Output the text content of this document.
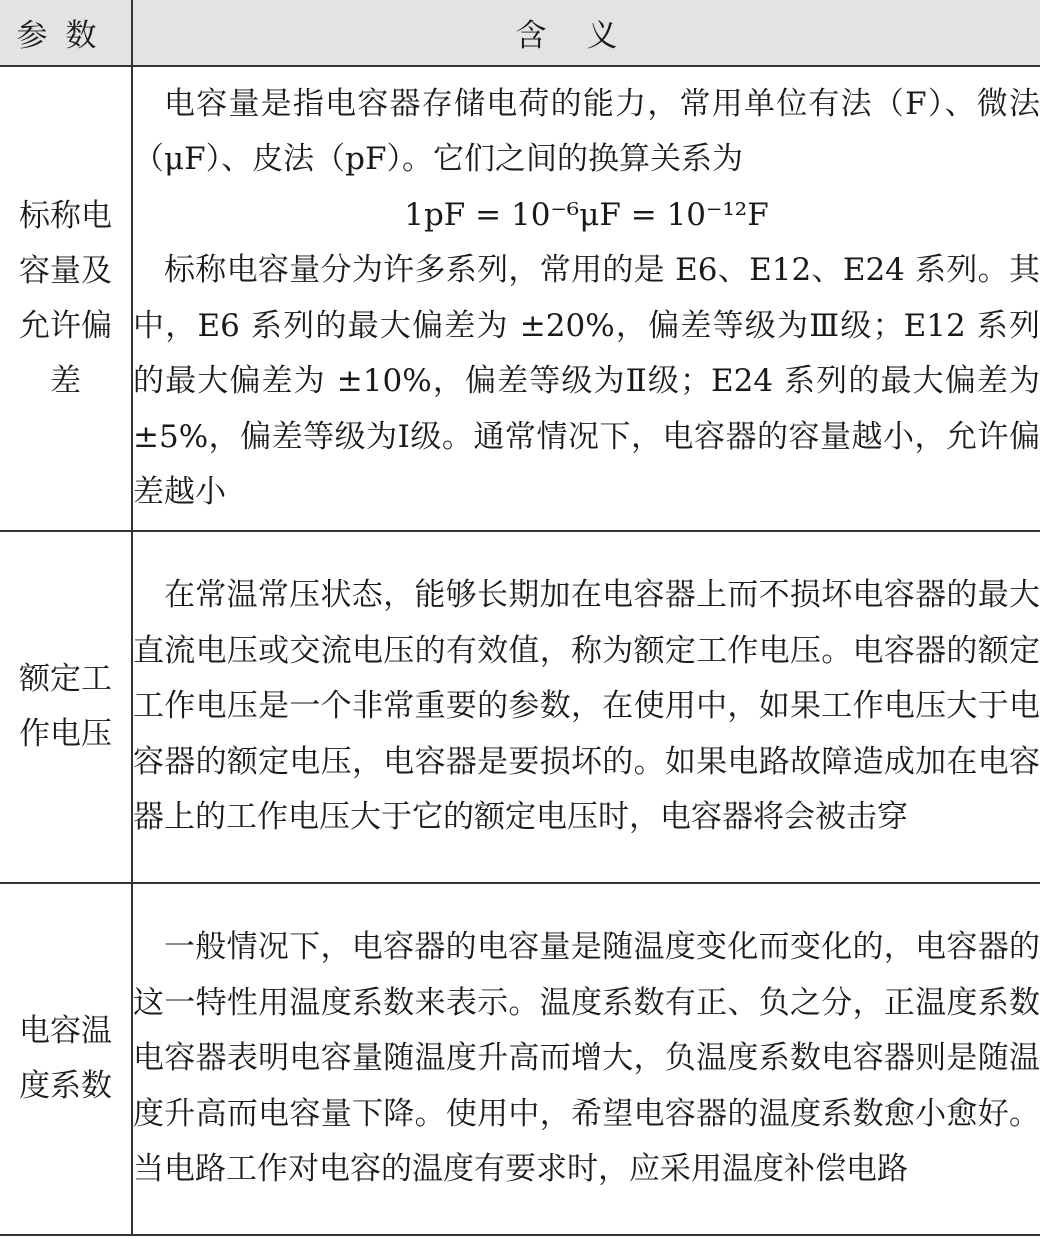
参数	含义
标称电容量及允许偏差	电容量是指电容器存储电荷的能力，常用单位有法（F）、微法（μF）、皮法（pF）。它们之间的换算关系为

1pF = 10⁻⁶μF = 10⁻¹²F

标称电容量分为许多系列，常用的是 E6、E12、E24 系列。其中，E6 系列的最大偏差为 ±20%，偏差等级为Ⅲ级；E12 系列的最大偏差为 ±10%，偏差等级为Ⅱ级；E24 系列的最大偏差为 ±5%，偏差等级为Ⅰ级。通常情况下，电容器的容量越小，允许偏差越小

额定工作电压	在常温常压状态，能够长期加在电容器上而不损坏电容器的最大直流电压或交流电压的有效值，称为额定工作电压。电容器的额定工作电压是一个非常重要的参数，在使用中，如果工作电压大于电容器的额定电压，电容器是要损坏的。如果电路故障造成加在电容器上的工作电压大于它的额定电压时，电容器将会被击穿

电容温度系数	一般情况下，电容器的电容量是随温度变化而变化的，电容器的这一特性用温度系数来表示。温度系数有正、负之分，正温度系数电容器表明电容量随温度升高而增大，负温度系数电容器则是随温度升高而电容量下降。使用中，希望电容器的温度系数愈小愈好。当电路工作对电容的温度有要求时，应采用温度补偿电路
